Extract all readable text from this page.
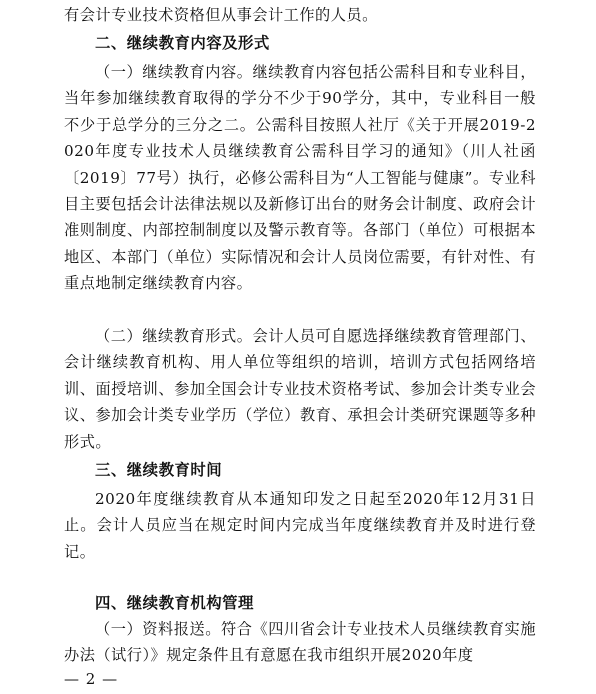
有会计专业技术资格但从事会计工作的人员。

二、继续教育内容及形式

（一）继续教育内容。继续教育内容包括公需科目和专业科目，当年参加继续教育取得的学分不少于90学分，其中，专业科目一般不少于总学分的三分之二。公需科目按照人社厅《关于开展2019-2020年度专业技术人员继续教育公需科目学习的通知》（川人社函〔2019〕77号）执行，必修公需科目为“人工智能与健康”。专业科目主要包括会计法律法规以及新修订出台的财务会计制度、政府会计准则制度、内部控制制度以及警示教育等。各部门（单位）可根据本地区、本部门（单位）实际情况和会计人员岗位需要，有针对性、有重点地制定继续教育内容。

（二）继续教育形式。会计人员可自愿选择继续教育管理部门、会计继续教育机构、用人单位等组织的培训，培训方式包括网络培训、面授培训、参加全国会计专业技术资格考试、参加会计类专业会议、参加会计类专业学历（学位）教育、承担会计类研究课题等多种形式。

三、继续教育时间

2020年度继续教育从本通知印发之日起至2020年12月31日止。会计人员应当在规定时间内完成当年度继续教育并及时进行登记。

四、继续教育机构管理

（一）资料报送。符合《四川省会计专业技术人员继续教育实施办法（试行）》规定条件且有意愿在我市组织开展2020年度

— 2 —
